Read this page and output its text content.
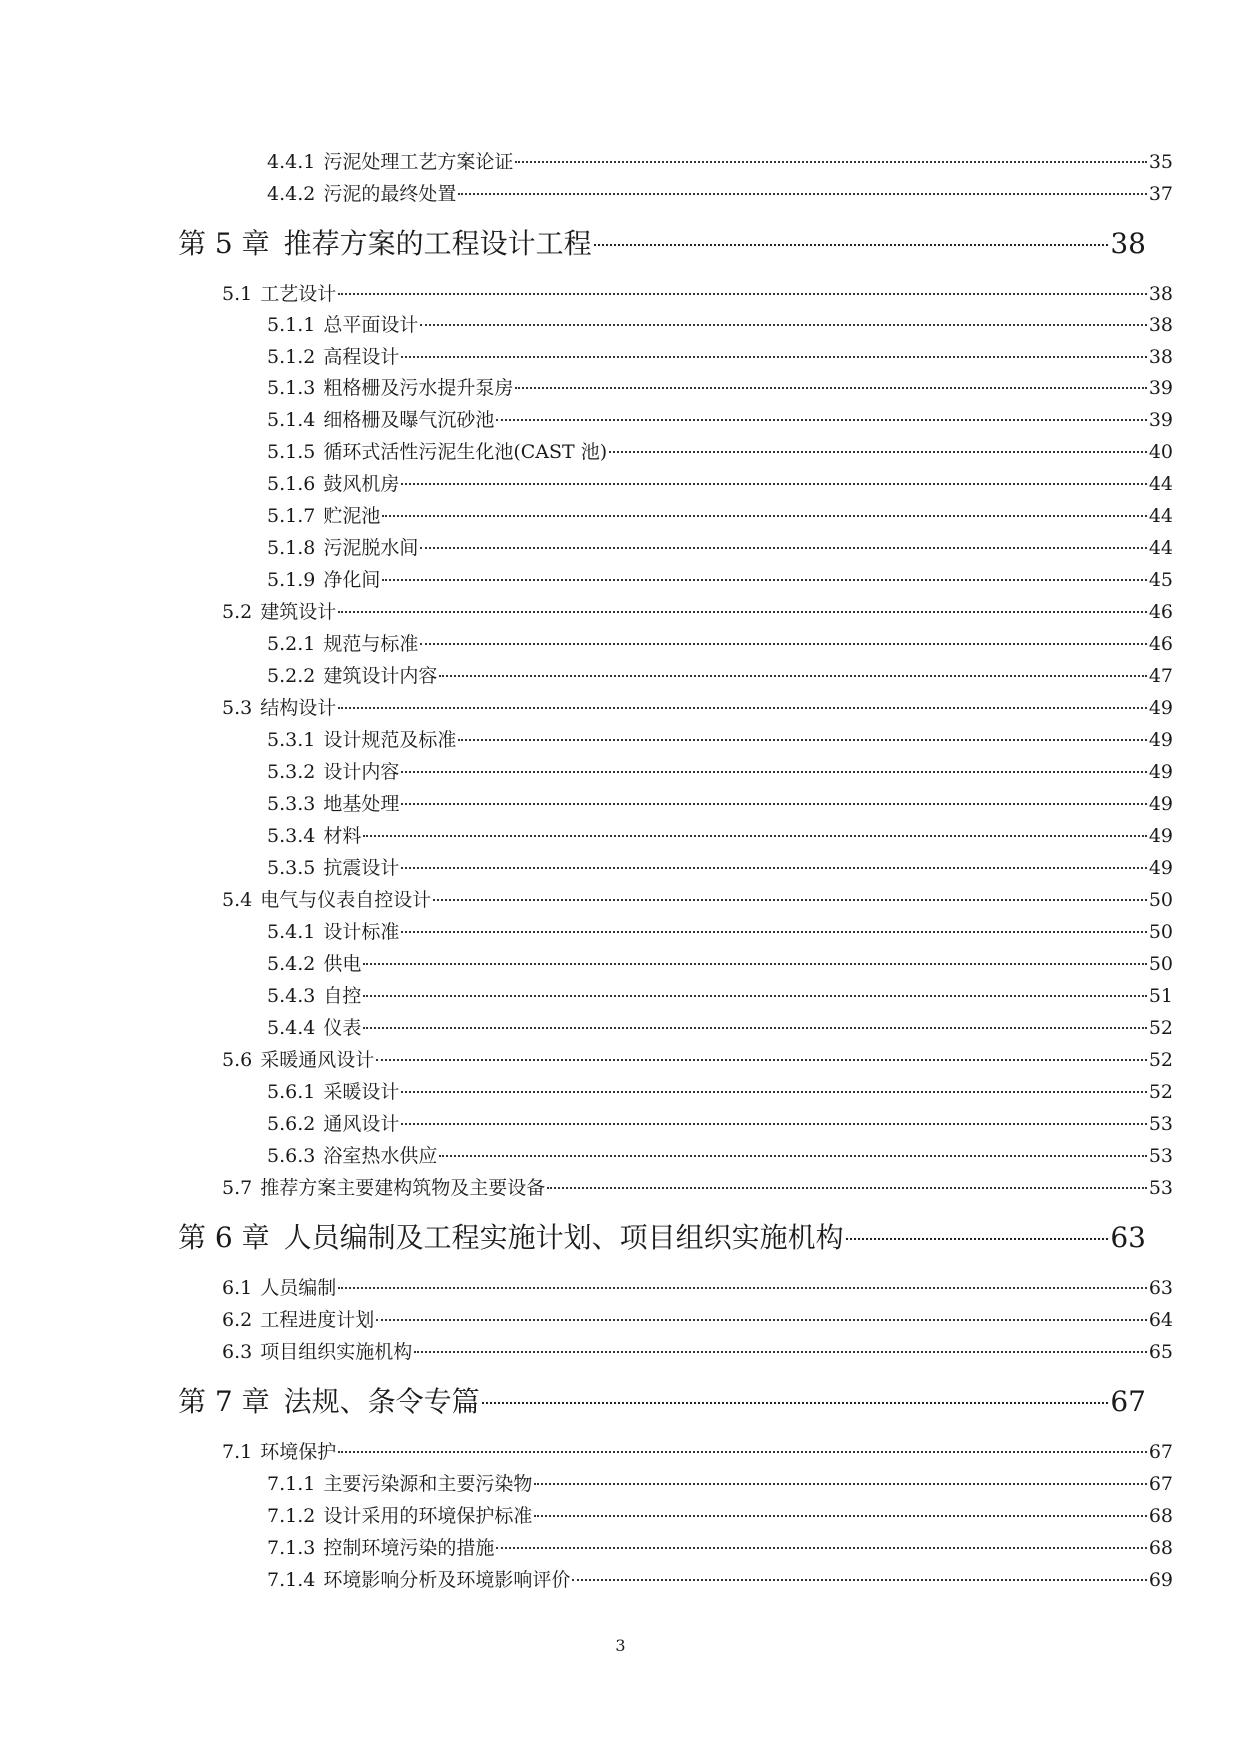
4.4.1 污泥处理工艺方案论证	35
4.4.2 污泥的最终处置	37
第 5 章 推荐方案的工程设计工程	38
5.1 工艺设计	38
5.1.1 总平面设计	38
5.1.2 高程设计	38
5.1.3 粗格栅及污水提升泵房	39
5.1.4 细格栅及曝气沉砂池	39
5.1.5 循环式活性污泥生化池(CAST 池)	40
5.1.6 鼓风机房	44
5.1.7 贮泥池	44
5.1.8 污泥脱水间	44
5.1.9 净化间	45
5.2 建筑设计	46
5.2.1 规范与标准	46
5.2.2 建筑设计内容	47
5.3 结构设计	49
5.3.1 设计规范及标准	49
5.3.2 设计内容	49
5.3.3 地基处理	49
5.3.4 材料	49
5.3.5 抗震设计	49
5.4 电气与仪表自控设计	50
5.4.1 设计标准	50
5.4.2 供电	50
5.4.3 自控	51
5.4.4 仪表	52
5.6 采暖通风设计	52
5.6.1 采暖设计	52
5.6.2 通风设计	53
5.6.3 浴室热水供应	53
5.7 推荐方案主要建构筑物及主要设备	53
第 6 章 人员编制及工程实施计划、项目组织实施机构	63
6.1 人员编制	63
6.2 工程进度计划	64
6.3 项目组织实施机构	65
第 7 章 法规、条令专篇	67
7.1 环境保护	67
7.1.1 主要污染源和主要污染物	67
7.1.2 设计采用的环境保护标准	68
7.1.3 控制环境污染的措施	68
7.1.4 环境影响分析及环境影响评价	69
3
